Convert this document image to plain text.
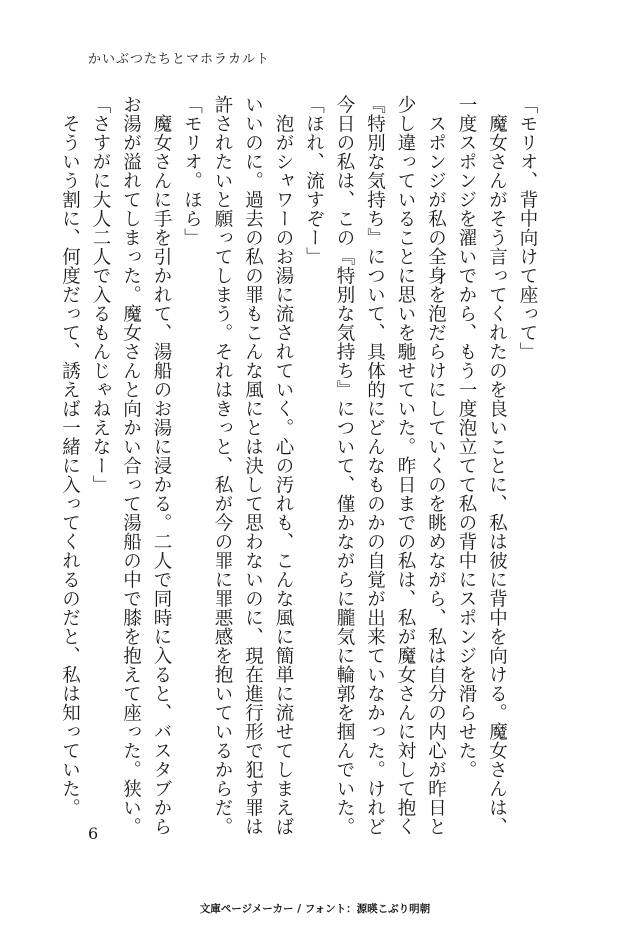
かいぶつたちとマホラカルト

「モリオ、背中向けて座って」

　魔女さんがそう言ってくれたのを良いことに、私は彼に背中を向ける。魔女さんは、

一度スポンジを濯いでから、もう一度泡立てて私の背中にスポンジを滑らせた。

　スポンジが私の全身を泡だらけにしていくのを眺めながら、私は自分の内心が昨日と

少し違っていることに思いを馳せていた。昨日までの私は、私が魔女さんに対して抱く

『特別な気持ち』について、具体的にどんなものかの自覚が出来ていなかった。けれど

今日の私は、この『特別な気持ち』について、僅かながらに朧気に輪郭を掴んでいた。

「ほれ、流すぞー」

　泡がシャワーのお湯に流されていく。心の汚れも、こんな風に簡単に流せてしまえば

いいのに。過去の私の罪もこんな風にとは決して思わないのに、現在進行形で犯す罪は

許されたいと願ってしまう。それはきっと、私が今の罪に罪悪感を抱いているからだ。

「モリオ。ほら」

　魔女さんに手を引かれて、湯船のお湯に浸かる。二人で同時に入ると、バスタブから

お湯が溢れてしまった。魔女さんと向かい合って湯船の中で膝を抱えて座った。狭い。

「さすがに大人二人で入るもんじゃねえなー」

　そういう割に、何度だって、誘えば一緒に入ってくれるのだと、私は知っていた。

6
文庫ページメーカー / フォント：源暎こぶり明朝
